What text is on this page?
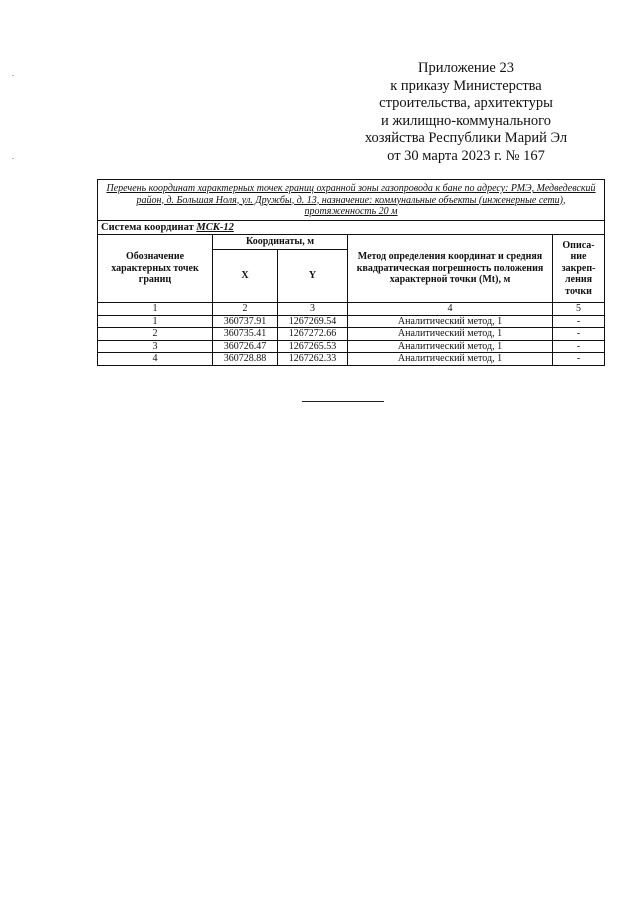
Приложение 23
к приказу Министерства
строительства, архитектуры
и жилищно-коммунального
хозяйства Республики Марий Эл
от 30 марта 2023 г. № 167
Перечень координат характерных точек границ охранной зоны газопровода к бане по адресу: РМЭ, Медведевский район, д. Большая Ноля, ул. Дружбы, д. 13, назначение: коммунальные объекты (инженерные сети), протяженность 20 м				
Система координат МСК-12				
Обозначение характерных точек границ	Координаты, м		Метод определения координат и средняя квадратическая погрешность положения характерной точки (Mt), м	Описа-ние закреп-ления точки
	X	Y		
1	2	3	4	5
1	360737.91	1267269.54	Аналитический метод, 1	-
2	360735.41	1267272.66	Аналитический метод, 1	-
3	360726.47	1267265.53	Аналитический метод, 1	-
4	360728.88	1267262.33	Аналитический метод, 1	-
